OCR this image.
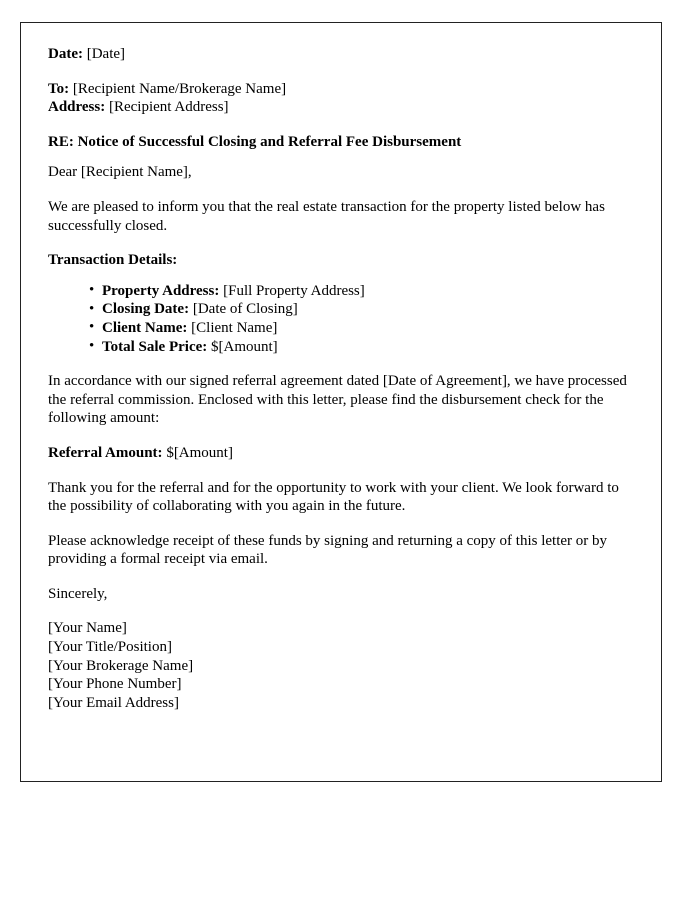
Date: [Date]

To: [Recipient Name/Brokerage Name]
Address: [Recipient Address]

RE: Notice of Successful Closing and Referral Fee Disbursement

Dear [Recipient Name],

We are pleased to inform you that the real estate transaction for the property listed below has successfully closed.

Transaction Details:

• Property Address: [Full Property Address]
• Closing Date: [Date of Closing]
• Client Name: [Client Name]
• Total Sale Price: $[Amount]

In accordance with our signed referral agreement dated [Date of Agreement], we have processed the referral commission. Enclosed with this letter, please find the disbursement check for the following amount:

Referral Amount: $[Amount]

Thank you for the referral and for the opportunity to work with your client. We look forward to the possibility of collaborating with you again in the future.

Please acknowledge receipt of these funds by signing and returning a copy of this letter or by providing a formal receipt via email.

Sincerely,

[Your Name]
[Your Title/Position]
[Your Brokerage Name]
[Your Phone Number]
[Your Email Address]
